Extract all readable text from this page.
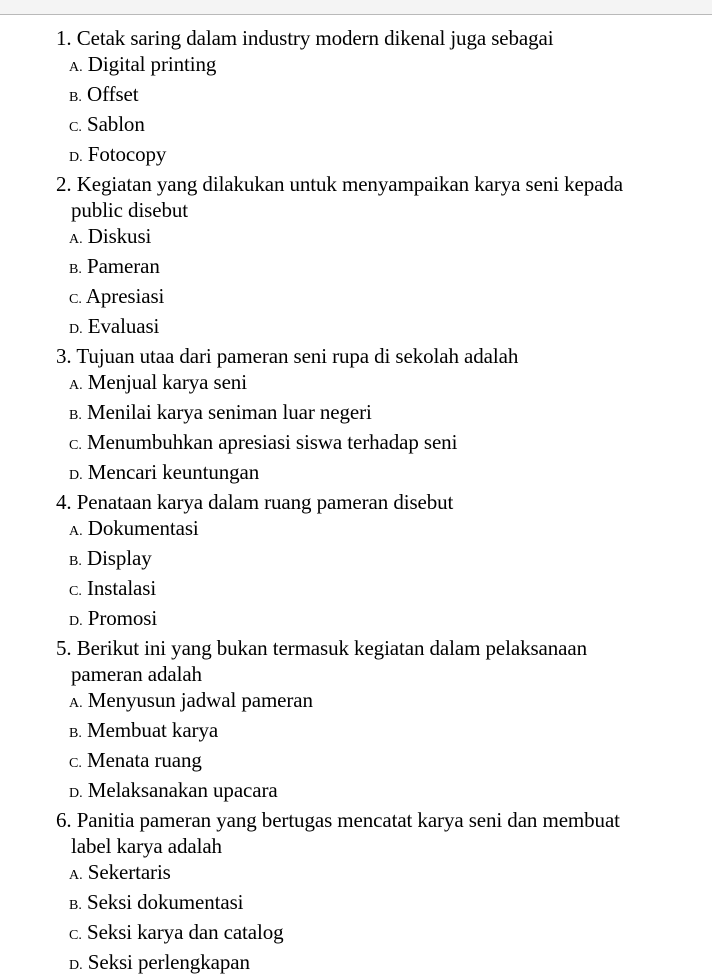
1. Cetak saring dalam industry modern dikenal juga sebagai

A. Digital printing

B. Offset

C. Sablon

D. Fotocopy

2. Kegiatan yang dilakukan untuk menyampaikan karya seni kepada public disebut

A. Diskusi

B. Pameran

C. Apresiasi

D. Evaluasi

3. Tujuan utaa dari pameran seni rupa di sekolah adalah

A. Menjual karya seni

B. Menilai karya seniman luar negeri

C. Menumbuhkan apresiasi siswa terhadap seni

D. Mencari keuntungan

4. Penataan karya dalam ruang pameran disebut

A. Dokumentasi

B. Display

C. Instalasi

D. Promosi

5. Berikut ini yang bukan termasuk kegiatan dalam pelaksanaan pameran adalah

A. Menyusun jadwal pameran

B. Membuat karya

C. Menata ruang

D. Melaksanakan upacara

6. Panitia pameran yang bertugas mencatat karya seni dan membuat label karya adalah

A. Sekertaris

B. Seksi dokumentasi

C. Seksi karya dan catalog

D. Seksi perlengkapan
